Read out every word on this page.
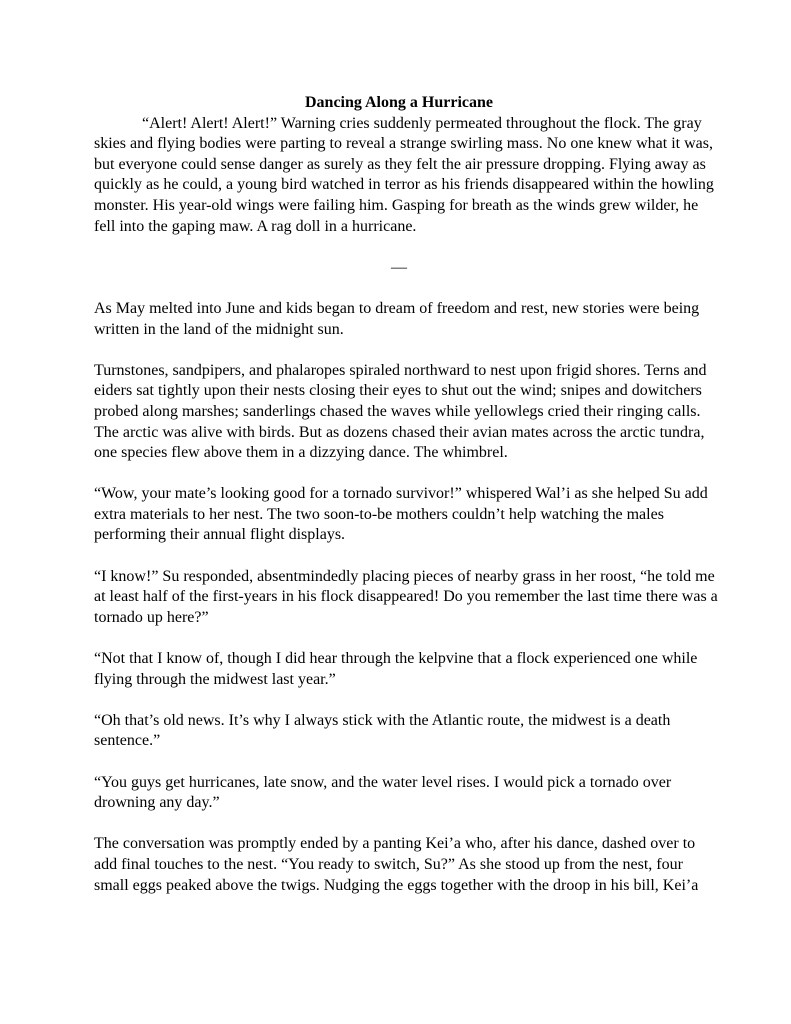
Dancing Along a Hurricane
“Alert! Alert! Alert!” Warning cries suddenly permeated throughout the flock. The gray
skies and flying bodies were parting to reveal a strange swirling mass. No one knew what it was,
but everyone could sense danger as surely as they felt the air pressure dropping. Flying away as
quickly as he could, a young bird watched in terror as his friends disappeared within the howling
monster. His year-old wings were failing him. Gasping for breath as the winds grew wilder, he
fell into the gaping maw. A rag doll in a hurricane.
—
As May melted into June and kids began to dream of freedom and rest, new stories were being
written in the land of the midnight sun.
Turnstones, sandpipers, and phalaropes spiraled northward to nest upon frigid shores. Terns and
eiders sat tightly upon their nests closing their eyes to shut out the wind; snipes and dowitchers
probed along marshes; sanderlings chased the waves while yellowlegs cried their ringing calls.
The arctic was alive with birds. But as dozens chased their avian mates across the arctic tundra,
one species flew above them in a dizzying dance. The whimbrel.
“Wow, your mate’s looking good for a tornado survivor!” whispered Wal’i as she helped Su add
extra materials to her nest. The two soon-to-be mothers couldn’t help watching the males
performing their annual flight displays.
“I know!” Su responded, absentmindedly placing pieces of nearby grass in her roost, “he told me
at least half of the first-years in his flock disappeared! Do you remember the last time there was a
tornado up here?”
“Not that I know of, though I did hear through the kelpvine that a flock experienced one while
flying through the midwest last year.”
“Oh that’s old news. It’s why I always stick with the Atlantic route, the midwest is a death
sentence.”
“You guys get hurricanes, late snow, and the water level rises. I would pick a tornado over
drowning any day.”
The conversation was promptly ended by a panting Kei’a who, after his dance, dashed over to
add final touches to the nest. “You ready to switch, Su?” As she stood up from the nest, four
small eggs peaked above the twigs. Nudging the eggs together with the droop in his bill, Kei’a
